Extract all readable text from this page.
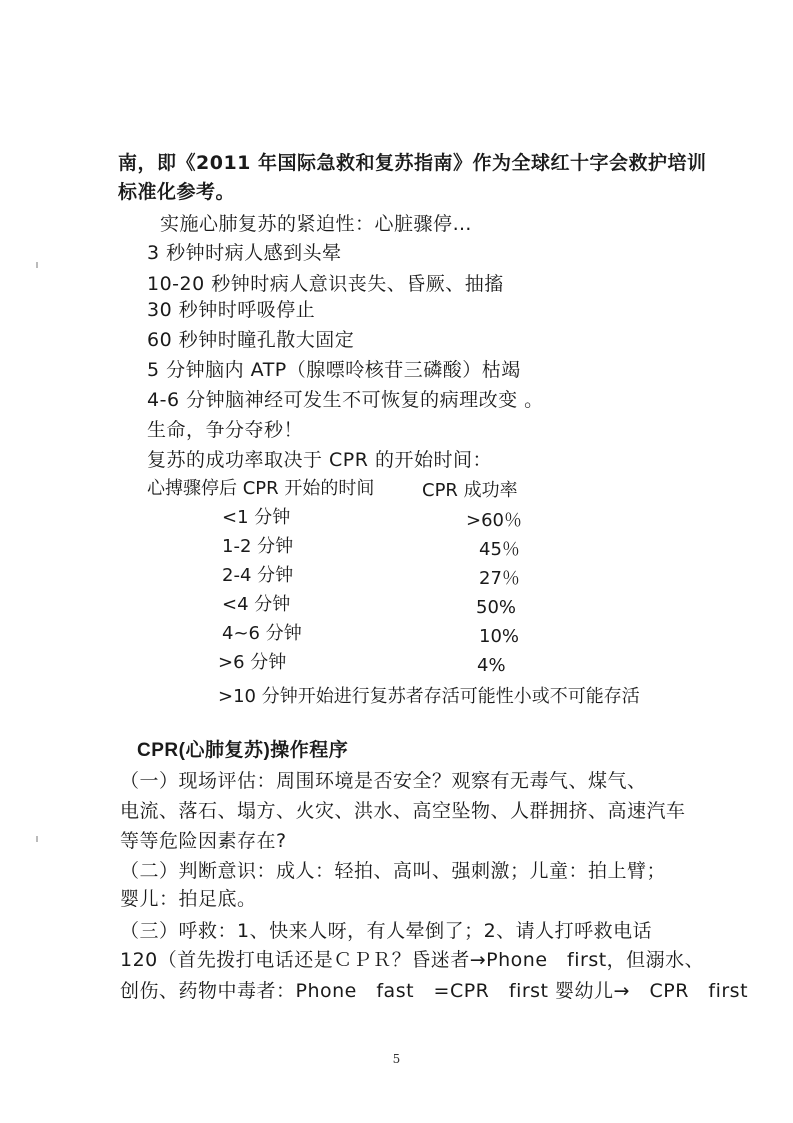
南，即《2011 年国际急救和复苏指南》作为全球红十字会救护培训
标准化参考。
实施心肺复苏的紧迫性：心脏骤停…
3 秒钟时病人感到头晕
10-20 秒钟时病人意识丧失、昏厥、抽搐
30 秒钟时呼吸停止
60 秒钟时瞳孔散大固定
5 分钟脑内 ATP（腺嘌呤核苷三磷酸）枯竭
4-6 分钟脑神经可发生不可恢复的病理改变 。
生命，争分夺秒！
复苏的成功率取决于 CPR 的开始时间：
心搏骤停后 CPR 开始的时间	CPR 成功率
<1 分钟	>60％
1-2 分钟	45％
2-4 分钟	27％
<4 分钟	50%
4~6 分钟	10%
>6 分钟	4%
>10 分钟开始进行复苏者存活可能性小或不可能存活
CPR(心肺复苏)操作程序
（一）现场评估：周围环境是否安全？观察有无毒气、煤气、
电流、落石、塌方、火灾、洪水、高空坠物、人群拥挤、高速汽车
等等危险因素存在?
（二）判断意识：成人：轻拍、高叫、强刺激；儿童：拍上臂；
婴儿：拍足底。
（三）呼救：1、快来人呀，有人晕倒了；2、请人打呼救电话
120（首先拨打电话还是ＣＰＲ？昏迷者→Phone　first，但溺水、
创伤、药物中毒者：Phone　fast　=CPR　first 婴幼儿→　CPR　first
5
